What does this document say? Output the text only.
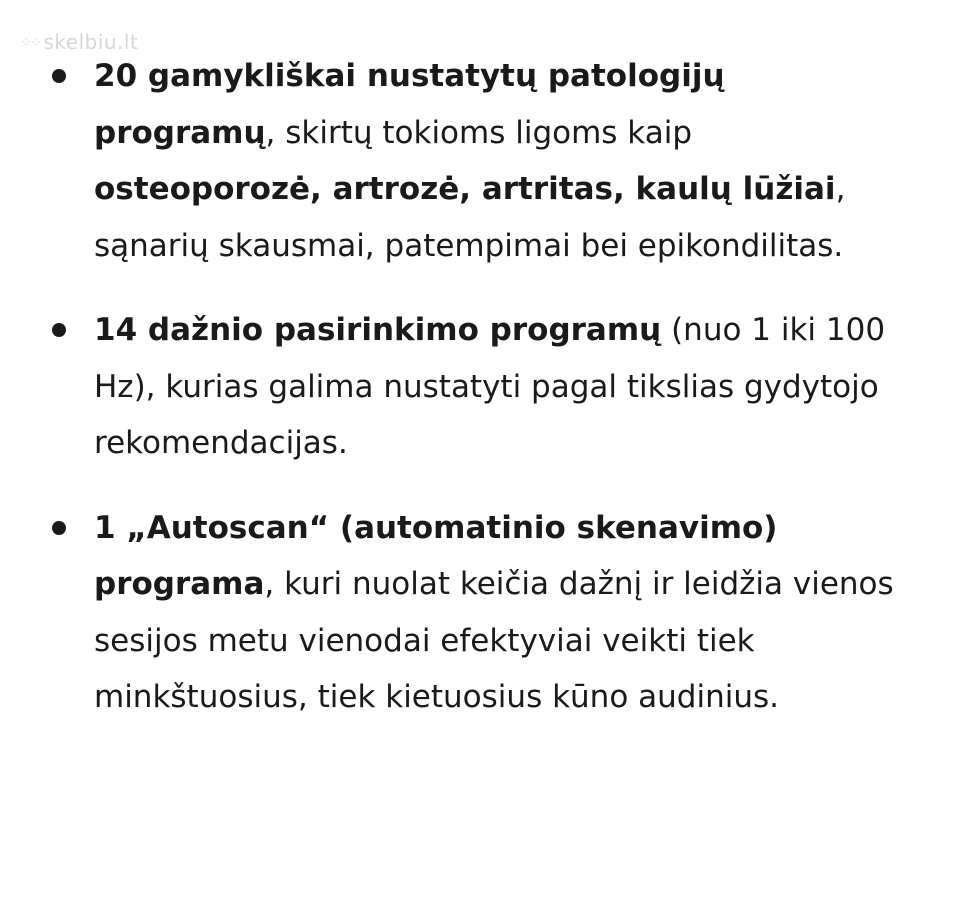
⁘⁘ skelbiu.lt
20 gamykliškai nustatytų patologijų programų, skirtų tokioms ligoms kaip osteoporozė, artrozė, artritas, kaulų lūžiai, sąnarių skausmai, patempimai bei epikondilitas.
14 dažnio pasirinkimo programų (nuo 1 iki 100 Hz), kurias galima nustatyti pagal tikslias gydytojo rekomendacijas.
1 „Autoscan“ (automatinio skenavimo) programa, kuri nuolat keičia dažnį ir leidžia vienos sesijos metu vienodai efektyviai veikti tiek minkštuosius, tiek kietuosius kūno audinius.
